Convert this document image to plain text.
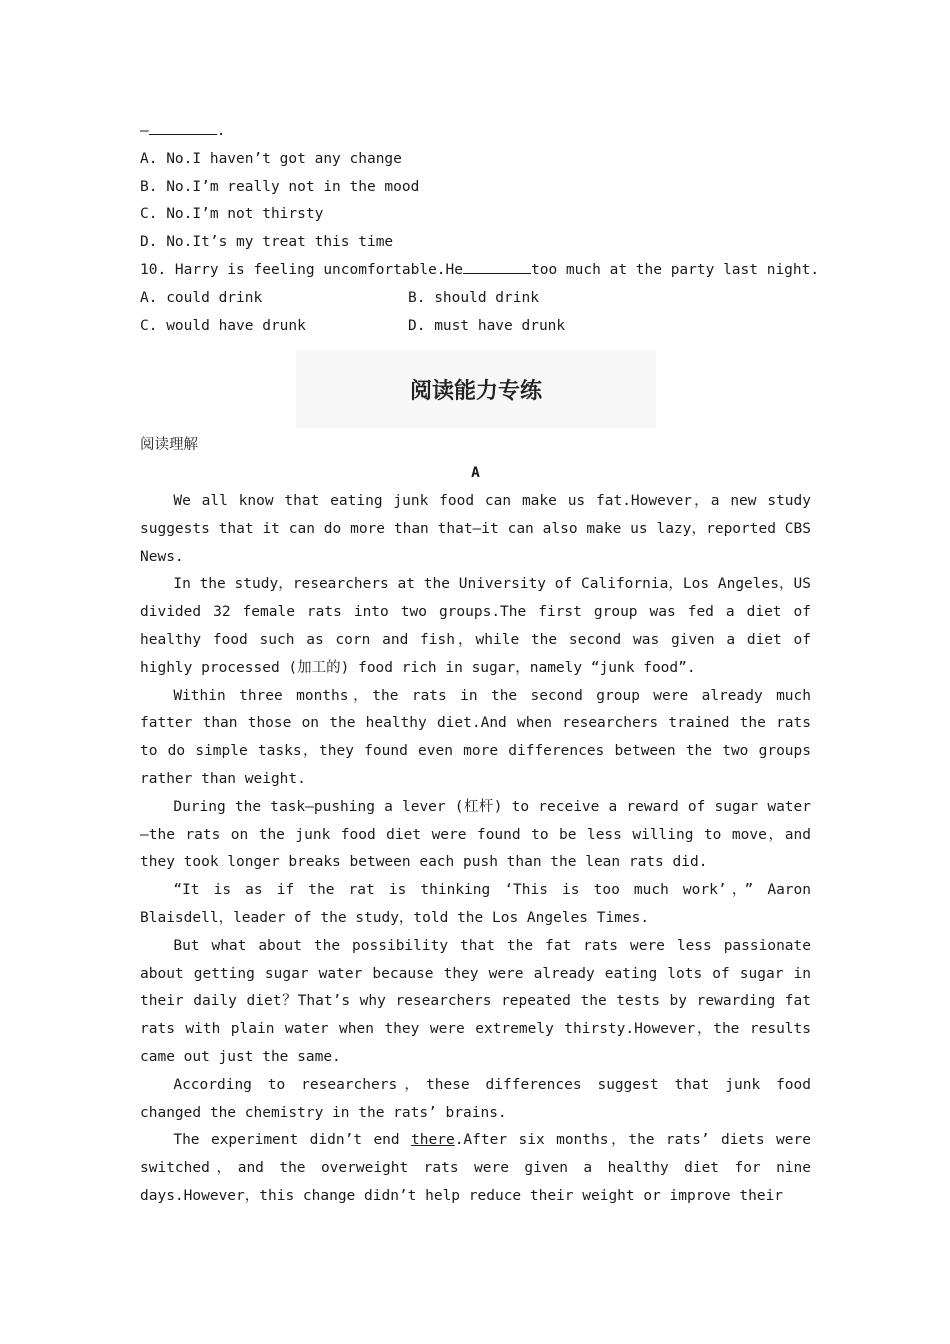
—	.
A. No.I haven’t got any change
B. No.I’m really not in the mood
C. No.I’m not thirsty
D. No.It’s my treat this time
10. Harry is feeling uncomfortable.He	too much at the party last night.
A. could drink	B. should drink
C. would have drunk	D. must have drunk
阅读能力专练
阅读理解
A

We all know that eating junk food can make us fat.However，a new study suggests that it can do more than that—it can also make us lazy，reported CBS News.

In the study，researchers at the University of California，Los Angeles，US divided 32 female rats into two groups.The first group was fed a diet of healthy food such as corn and fish，while the second was given a diet of highly processed (加工的) food rich in sugar，namely “junk food”.

Within three months，the rats in the second group were already much fatter than those on the healthy diet.And when researchers trained the rats to do simple tasks，they found even more differences between the two groups rather than weight.

During the task—pushing a lever (杠杆) to receive a reward of sugar water—the rats on the junk food diet were found to be less willing to move，and they took longer breaks between each push than the lean rats did.

“It is as if the rat is thinking ‘This is too much work’，” Aaron Blaisdell，leader of the study，told the Los Angeles Times.

But what about the possibility that the fat rats were less passionate about getting sugar water because they were already eating lots of sugar in their daily diet？That’s why researchers repeated the tests by rewarding fat rats with plain water when they were extremely thirsty.However，the results came out just the same.

According to researchers，these differences suggest that junk food changed the chemistry in the rats’ brains.

The experiment didn’t end there.After six months，the rats’ diets were switched，and the overweight rats were given a healthy diet for nine days.However，this change didn’t help reduce their weight or improve their
